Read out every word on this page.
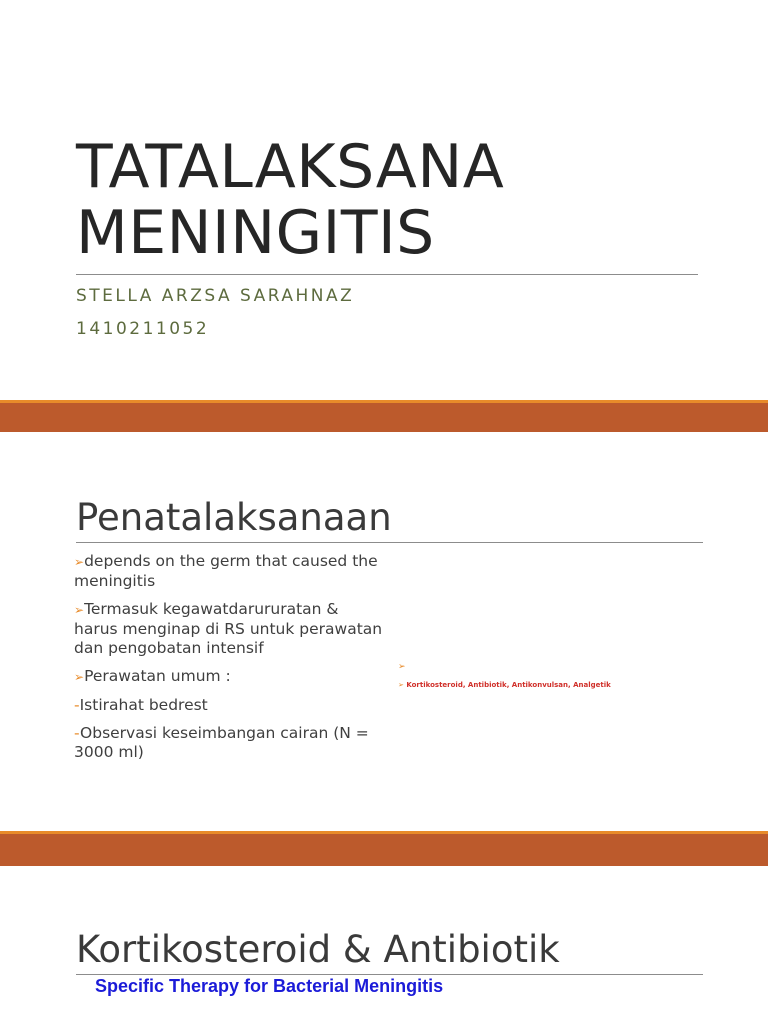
TATALAKSANA
MENINGITIS
STELLA ARZSA SARAHNAZ
1410211052
Penatalaksanaan
➢depends on the germ that caused the meningitis
➢Termasuk kegawatdarururatan & harus menginap di RS untuk perawatan dan pengobatan intensif
➢Perawatan umum :
-Istirahat bedrest
-Observasi keseimbangan cairan (N = 3000 ml)
➢
➢ Kortikosteroid, Antibiotik, Antikonvulsan, Analgetik
Kortikosteroid & Antibiotik
Specific Therapy for Bacterial Meningitis
